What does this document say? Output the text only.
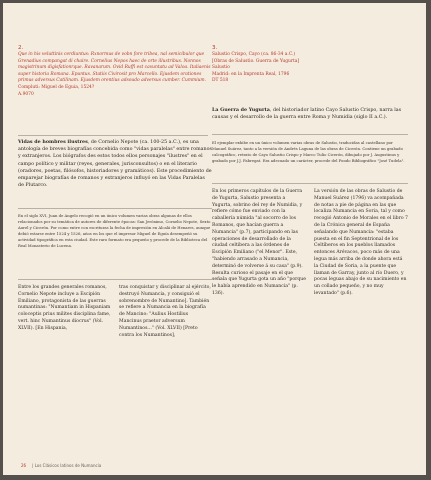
2.

Que in his veluttinis cerdiuntus: Rxnormus de vobn fore tribea, nal semicibulor que Grenadius compangat di chaire. Cornelius Nepos haec de orte illustribus. Nonnos magistrinum digisfationrque. Ravanarum. Ovid Ruffi est cavuntatu ad Valoa. Italiaenis super historia Romana. Epuntus. Statiis Civirosit pro Marcello. Ejusdem orationes primus adversus Catilinam. Ejusdem orentius adsoudo adversus cumber. Cummium.

Compluti: Miguel de Eguia, 1524?

A.9070

3.

Salustio Crispo, Cayo (ca. 86-34 a.C.)

[Obras de Salustio. Guerra de Yugurta]

Salustio

Madrid: en la Imprenta Real, 1796

DT 518

Vidas de hombres ilustres, de Cornelio Nepote (ca. 100-25 a.C.), es una antología de breves biografías concebida como "vidas paralelas" entre romanos y extranjeros. Los biógrafos des estos todos ellos personajes "ilustres" en el campo político y militar (reyes, generales, jurisconsultos) o en el literario (oradores, poetas, filósofos, historiadores y gramáticos). Este procedimiento de emparejar biografías de romanos y extranjeros influyó en las Vidas Paralelas de Plutarco.

La Guerra de Yugurta, del historiador latino Cayo Salustio Crispo, narra las causas y el desarrollo de la guerra entre Roma y Numidia (siglo II a.C.).

El ejemplar exhibe en un único volumen varias obras de Salustio, traducidas al castellano por Manuel Suárez, tanto a la versión de Andrés Laguna de las obras de Cicerón. Contiene un grabado calcográfico, retrato de Cayo Salustio Crispo y Marco Tulio Cicerón, dibujado por J. Augustinus y grabado por J.J. Fabregat. Era adecuado un carácter, procede del Fondo Bibliográfico "José Tudela".

En el siglo XVI, Juan de Angelo recogió en un único volumen varias obras algunas de ellos relacionados por su temática de autores de diferente épocas: San Jerónimo, Cornelio Nepote, Sexto Aurel y Cicerón. Por como entre con escrituras la fecha de impresión en Alcalá de Henares, aunque debió estarse entre 1524 y 1526, años en los que el impresor Miguel de Eguía desempeñó su actividad tipográfica en esta ciudad. Este raro formato era pequeño y procede de la Biblioteca del Real Monasterio de Lucena.

Entre los grandes generales romanos, Cornelio Nepote incluye a Escipión Emiliano, protagonista de las guerras numantinas: "Numantiam in Hispaniam coloceptis prius milites disciplina fame, vert. hinc Numantinus diocrus" (Vol. XLVII). [En Hispania,

tras conquistar y disciplinar al ejército, destruyó Numancia, y consiguió el sobrenombre de Numantino]. También se refiere a Numancia en la biografía de Mancino: "Aulius Hostilius Mancinus praetor adversum Numantinos..." (Vol. XLVII) [Preto contra los Numantinos],

En los primeros capítulos de la Guerra de Yugurta, Salustio presenta a Yugurta, sobrino del rey de Numidia, y refiere cómo fue enviado con la caballería númida "al socorro de los Romanos, que hacían guerra a Numancia" (p.7), participando en las operaciones de desarrollado de la ciudad celtibera a las órdenes de Escipión Emiliano ("el Menor". Este, "habiendo arrasado a Numancia, determinó de volverse á su casa" (p.9). Resulta curioso el pasaje en el que señala que Yugurta gota un año "porque le había aprendido en Numancia" (p. 136).

La versión de las obras de Salustio de Manuel Suárez (1796) va acompañada de notas a pie de página en las que localiza Numancia en Soria, tal y como recogió Antonio de Morales en el libro 7 de la Crónica general de España señalando que Numancia: "estaba puesta en el fin Septentrional de los Celtíberos en los pueblos llamados entonces Arévacos, poco más de una legua más arriba de donde ahora está la Ciudad de Soria, a la puente que llaman de Garray, junto al río Duero, y pocas leguas abajo de su nacimiento en un collado pequeño, y no muy levantado" (p.6).

26 | Los Clásicos latinos de Numancia
